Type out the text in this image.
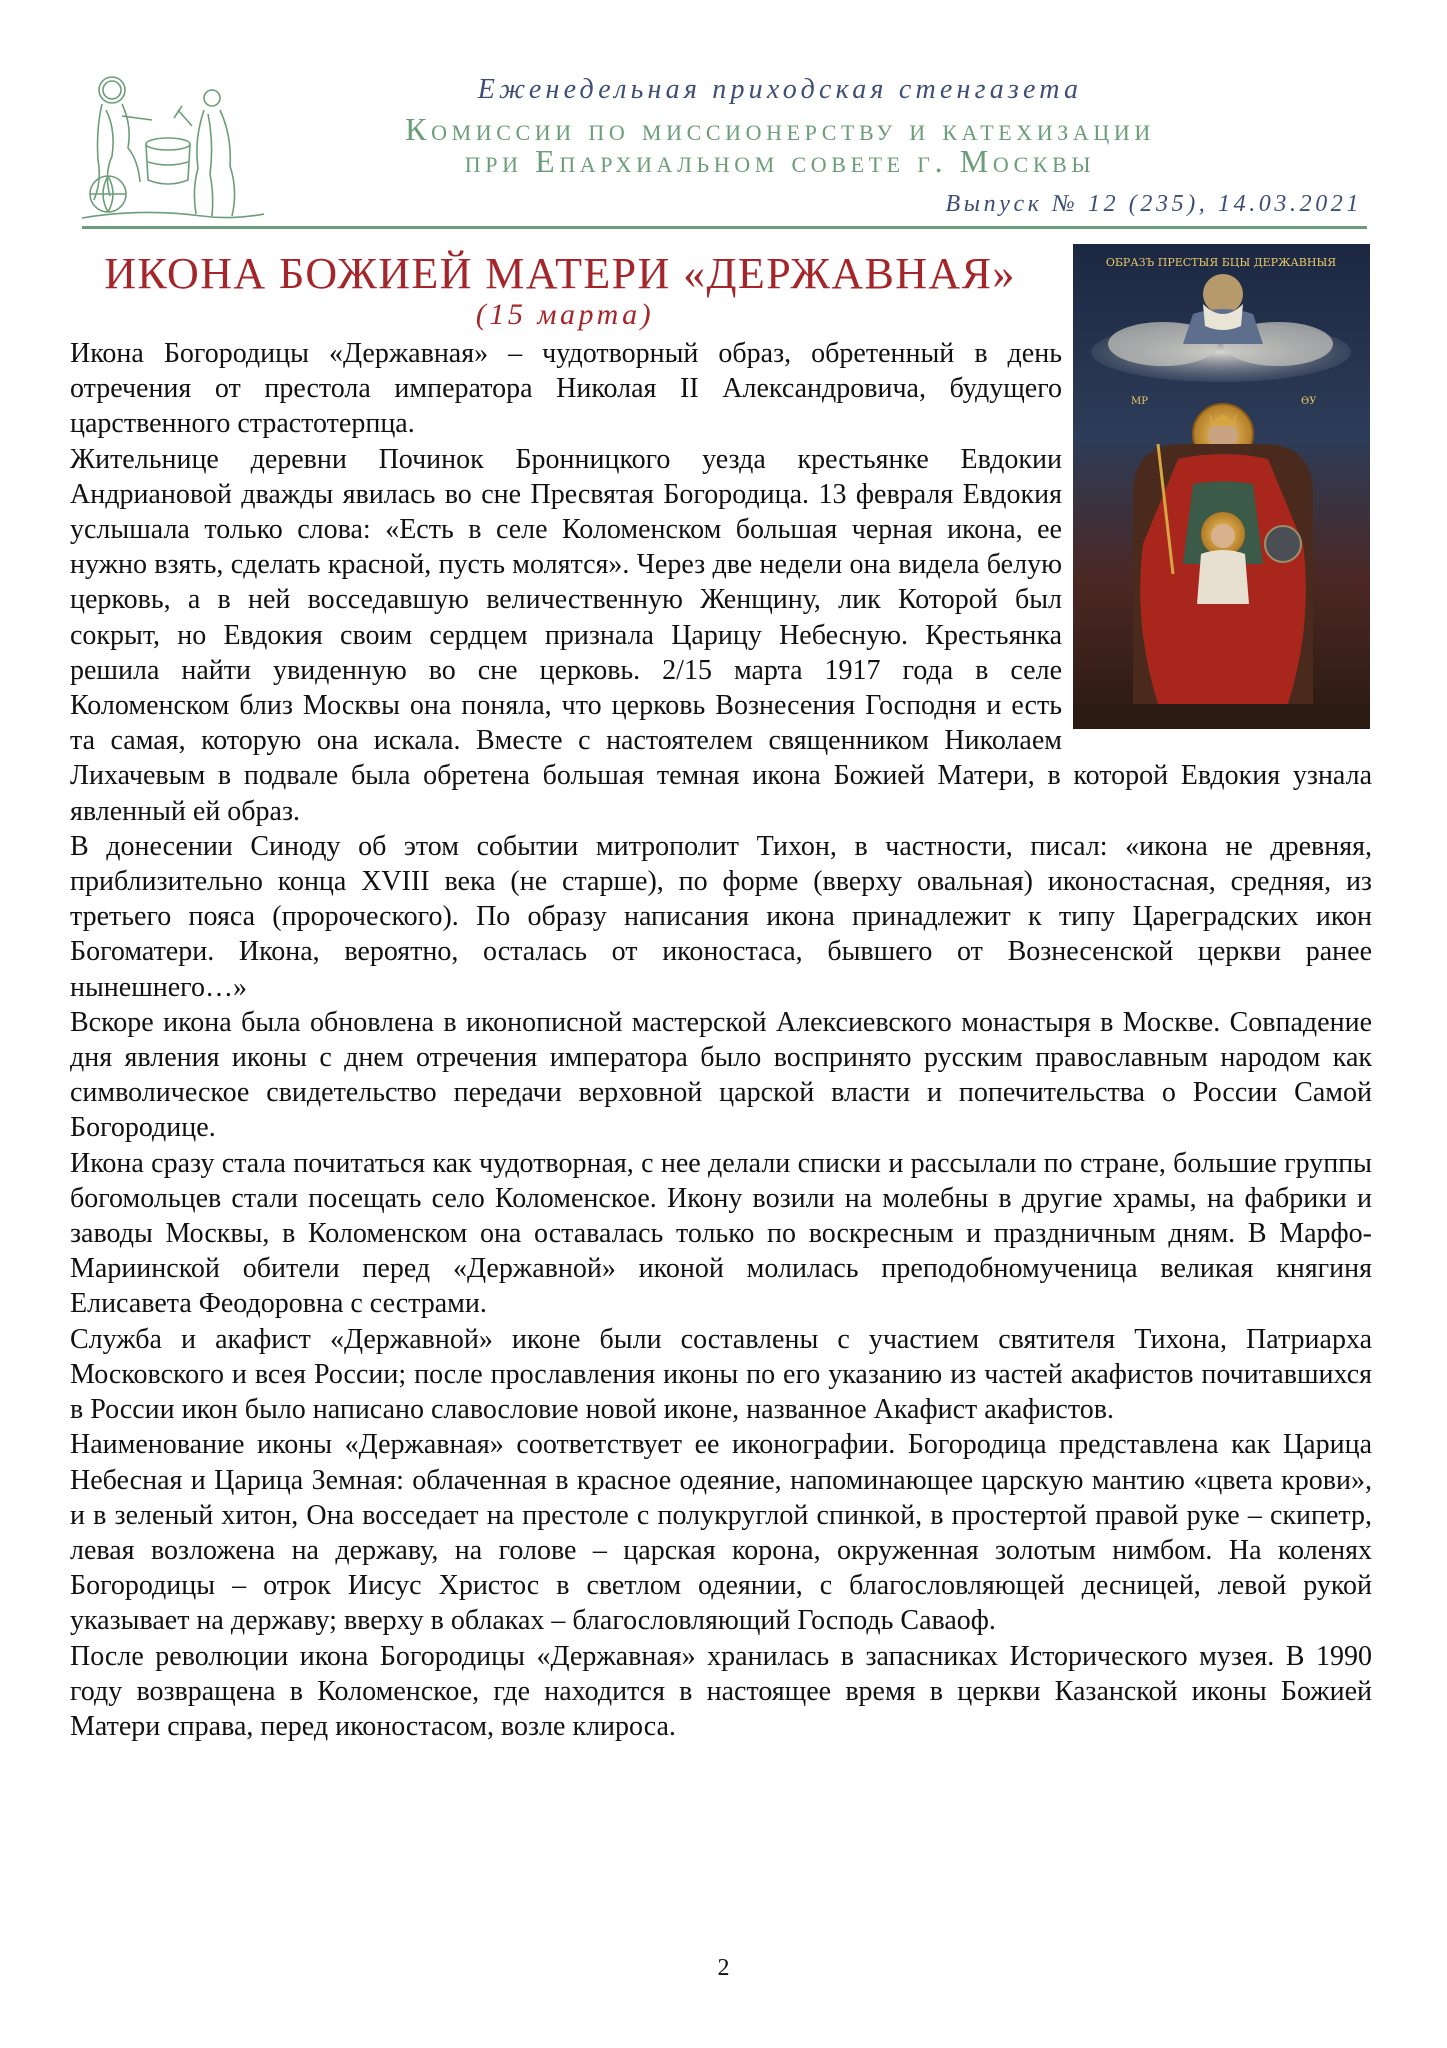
Еженедельная приходская стенгазета
Комиссии по миссионерству и катехизации
при Епархиальном совете г. Москвы
Выпуск № 12 (235), 14.03.2021
ИКОНА БОЖИЕЙ МАТЕРИ «ДЕРЖАВНАЯ»
(15 марта)
ОБРАЗЪ ПРЕСТЫЯ БЦЫ ДЕРЖАВНЫЯ
МР	ѲУ

Икона Богородицы «Державная» – чудотворный образ, обретенный в день отречения от престола императора Николая II Александровича, будущего царственного страстотерпца.

Жительнице деревни Починок Бронницкого уезда крестьянке Евдокии Андриановой дважды явилась во сне Пресвятая Богородица. 13 февраля Евдокия услышала только слова: «Есть в селе Коломенском большая черная икона, ее нужно взять, сделать красной, пусть молятся». Через две недели она видела белую церковь, а в ней восседавшую величественную Женщину, лик Которой был сокрыт, но Евдокия своим сердцем признала Царицу Небесную. Крестьянка решила найти увиденную во сне церковь. 2/15 марта 1917 года в селе Коломенском близ Москвы она поняла, что церковь Вознесения Господня и есть та самая, которую она искала. Вместе с настоятелем священником Николаем Лихачевым в подвале была обретена большая темная икона Божией Матери, в которой Евдокия узнала явленный ей образ.

В донесении Синоду об этом событии митрополит Тихон, в частности, писал: «икона не древняя, приблизительно конца XVIII века (не старше), по форме (вверху овальная) иконостасная, средняя, из третьего пояса (пророческого). По образу написания икона принадлежит к типу Цареградских икон Богоматери. Икона, вероятно, осталась от иконостаса, бывшего от Вознесенской церкви ранее нынешнего…»

Вскоре икона была обновлена в иконописной мастерской Алексиевского монастыря в Москве. Совпадение дня явления иконы с днем отречения императора было воспринято русским православным народом как символическое свидетельство передачи верховной царской власти и попечительства о России Самой Богородице.

Икона сразу стала почитаться как чудотворная, с нее делали списки и рассылали по стране, большие группы богомольцев стали посещать село Коломенское. Икону возили на молебны в другие храмы, на фабрики и заводы Москвы, в Коломенском она оставалась только по воскресным и праздничным дням. В Марфо-Мариинской обители перед «Державной» иконой молилась преподобномученица великая княгиня Елисавета Феодоровна с сестрами.

Служба и акафист «Державной» иконе были составлены с участием святителя Тихона, Патриарха Московского и всея России; после прославления иконы по его указанию из частей акафистов почитавшихся в России икон было написано славословие новой иконе, названное Акафист акафистов.

Наименование иконы «Державная» соответствует ее иконографии. Богородица представлена как Царица Небесная и Царица Земная: облаченная в красное одеяние, напоминающее царскую мантию «цвета крови», и в зеленый хитон, Она восседает на престоле с полукруглой спинкой, в простертой правой руке – скипетр, левая возложена на державу, на голове – царская корона, окруженная золотым нимбом. На коленях Богородицы – отрок Иисус Христос в светлом одеянии, с благословляющей десницей, левой рукой указывает на державу; вверху в облаках – благословляющий Господь Саваоф.

После революции икона Богородицы «Державная» хранилась в запасниках Исторического музея. В 1990 году возвращена в Коломенское, где находится в настоящее время в церкви Казанской иконы Божией Матери справа, перед иконостасом, возле клироса.

2
